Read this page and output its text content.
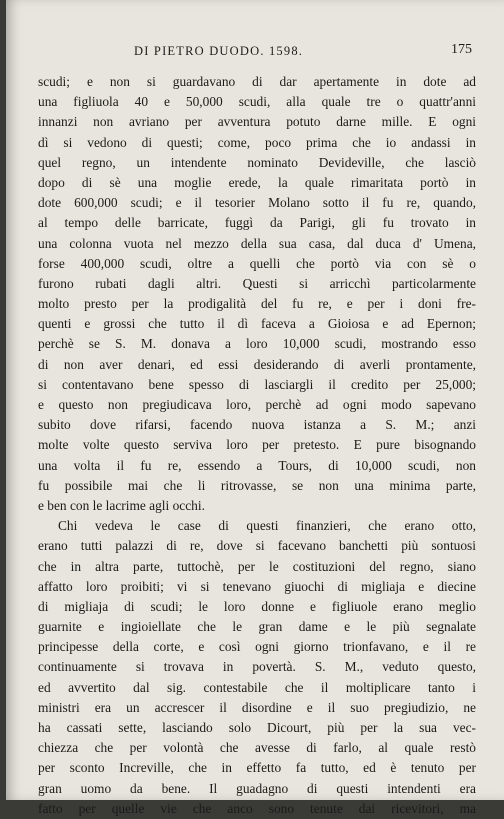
DI PIETRO DUODO. 1598.	175
scudi; e non si guardavano di dar apertamente in dote ad
una figliuola 40 e 50,000 scudi, alla quale tre o quattr'anni
innanzi non avriano per avventura potuto darne mille. E ogni
dì si vedono di questi; come, poco prima che io andassi in
quel regno, un intendente nominato Devideville, che lasciò
dopo di sè una moglie erede, la quale rimaritata portò in
dote 600,000 scudi; e il tesorier Molano sotto il fu re, quando,
al tempo delle barricate, fuggì da Parigi, gli fu trovato in
una colonna vuota nel mezzo della sua casa, dal duca d' Umena,
forse 400,000 scudi, oltre a quelli che portò via con sè o
furono rubati dagli altri. Questi si arricchì particolarmente
molto presto per la prodigalità del fu re, e per i doni fre-
quenti e grossi che tutto il dì faceva a Gioiosa e ad Epernon;
perchè se S. M. donava a loro 10,000 scudi, mostrando esso
di non aver denari, ed essi desiderando di averli prontamente,
si contentavano bene spesso di lasciargli il credito per 25,000;
e questo non pregiudicava loro, perchè ad ogni modo sapevano
subito dove rifarsi, facendo nuova istanza a S. M.; anzi
molte volte questo serviva loro per pretesto. E pure bisognando
una volta il fu re, essendo a Tours, di 10,000 scudi, non
fu possibile mai che li ritrovasse, se non una minima parte,
e ben con le lacrime agli occhi.
Chi vedeva le case di questi finanzieri, che erano otto,
erano tutti palazzi di re, dove si facevano banchetti più sontuosi
che in altra parte, tuttochè, per le costituzioni del regno, siano
affatto loro proibiti; vi si tenevano giuochi di migliaja e diecine
di migliaja di scudi; le loro donne e figliuole erano meglio
guarnite e ingioiellate che le gran dame e le più segnalate
principesse della corte, e così ogni giorno trionfavano, e il re
continuamente si trovava in povertà. S. M., veduto questo,
ed avvertito dal sig. contestabile che il moltiplicare tanto i
ministri era un accrescer il disordine e il suo pregiudizio, ne
ha cassati sette, lasciando solo Dicourt, più per la sua vec-
chiezza che per volontà che avesse di farlo, al quale restò
per sconto Increville, che in effetto fa tutto, ed è tenuto per
gran uomo da bene. Il guadagno di questi intendenti era
fatto per quelle vie che anco sono tenute dai ricevitori, ma
